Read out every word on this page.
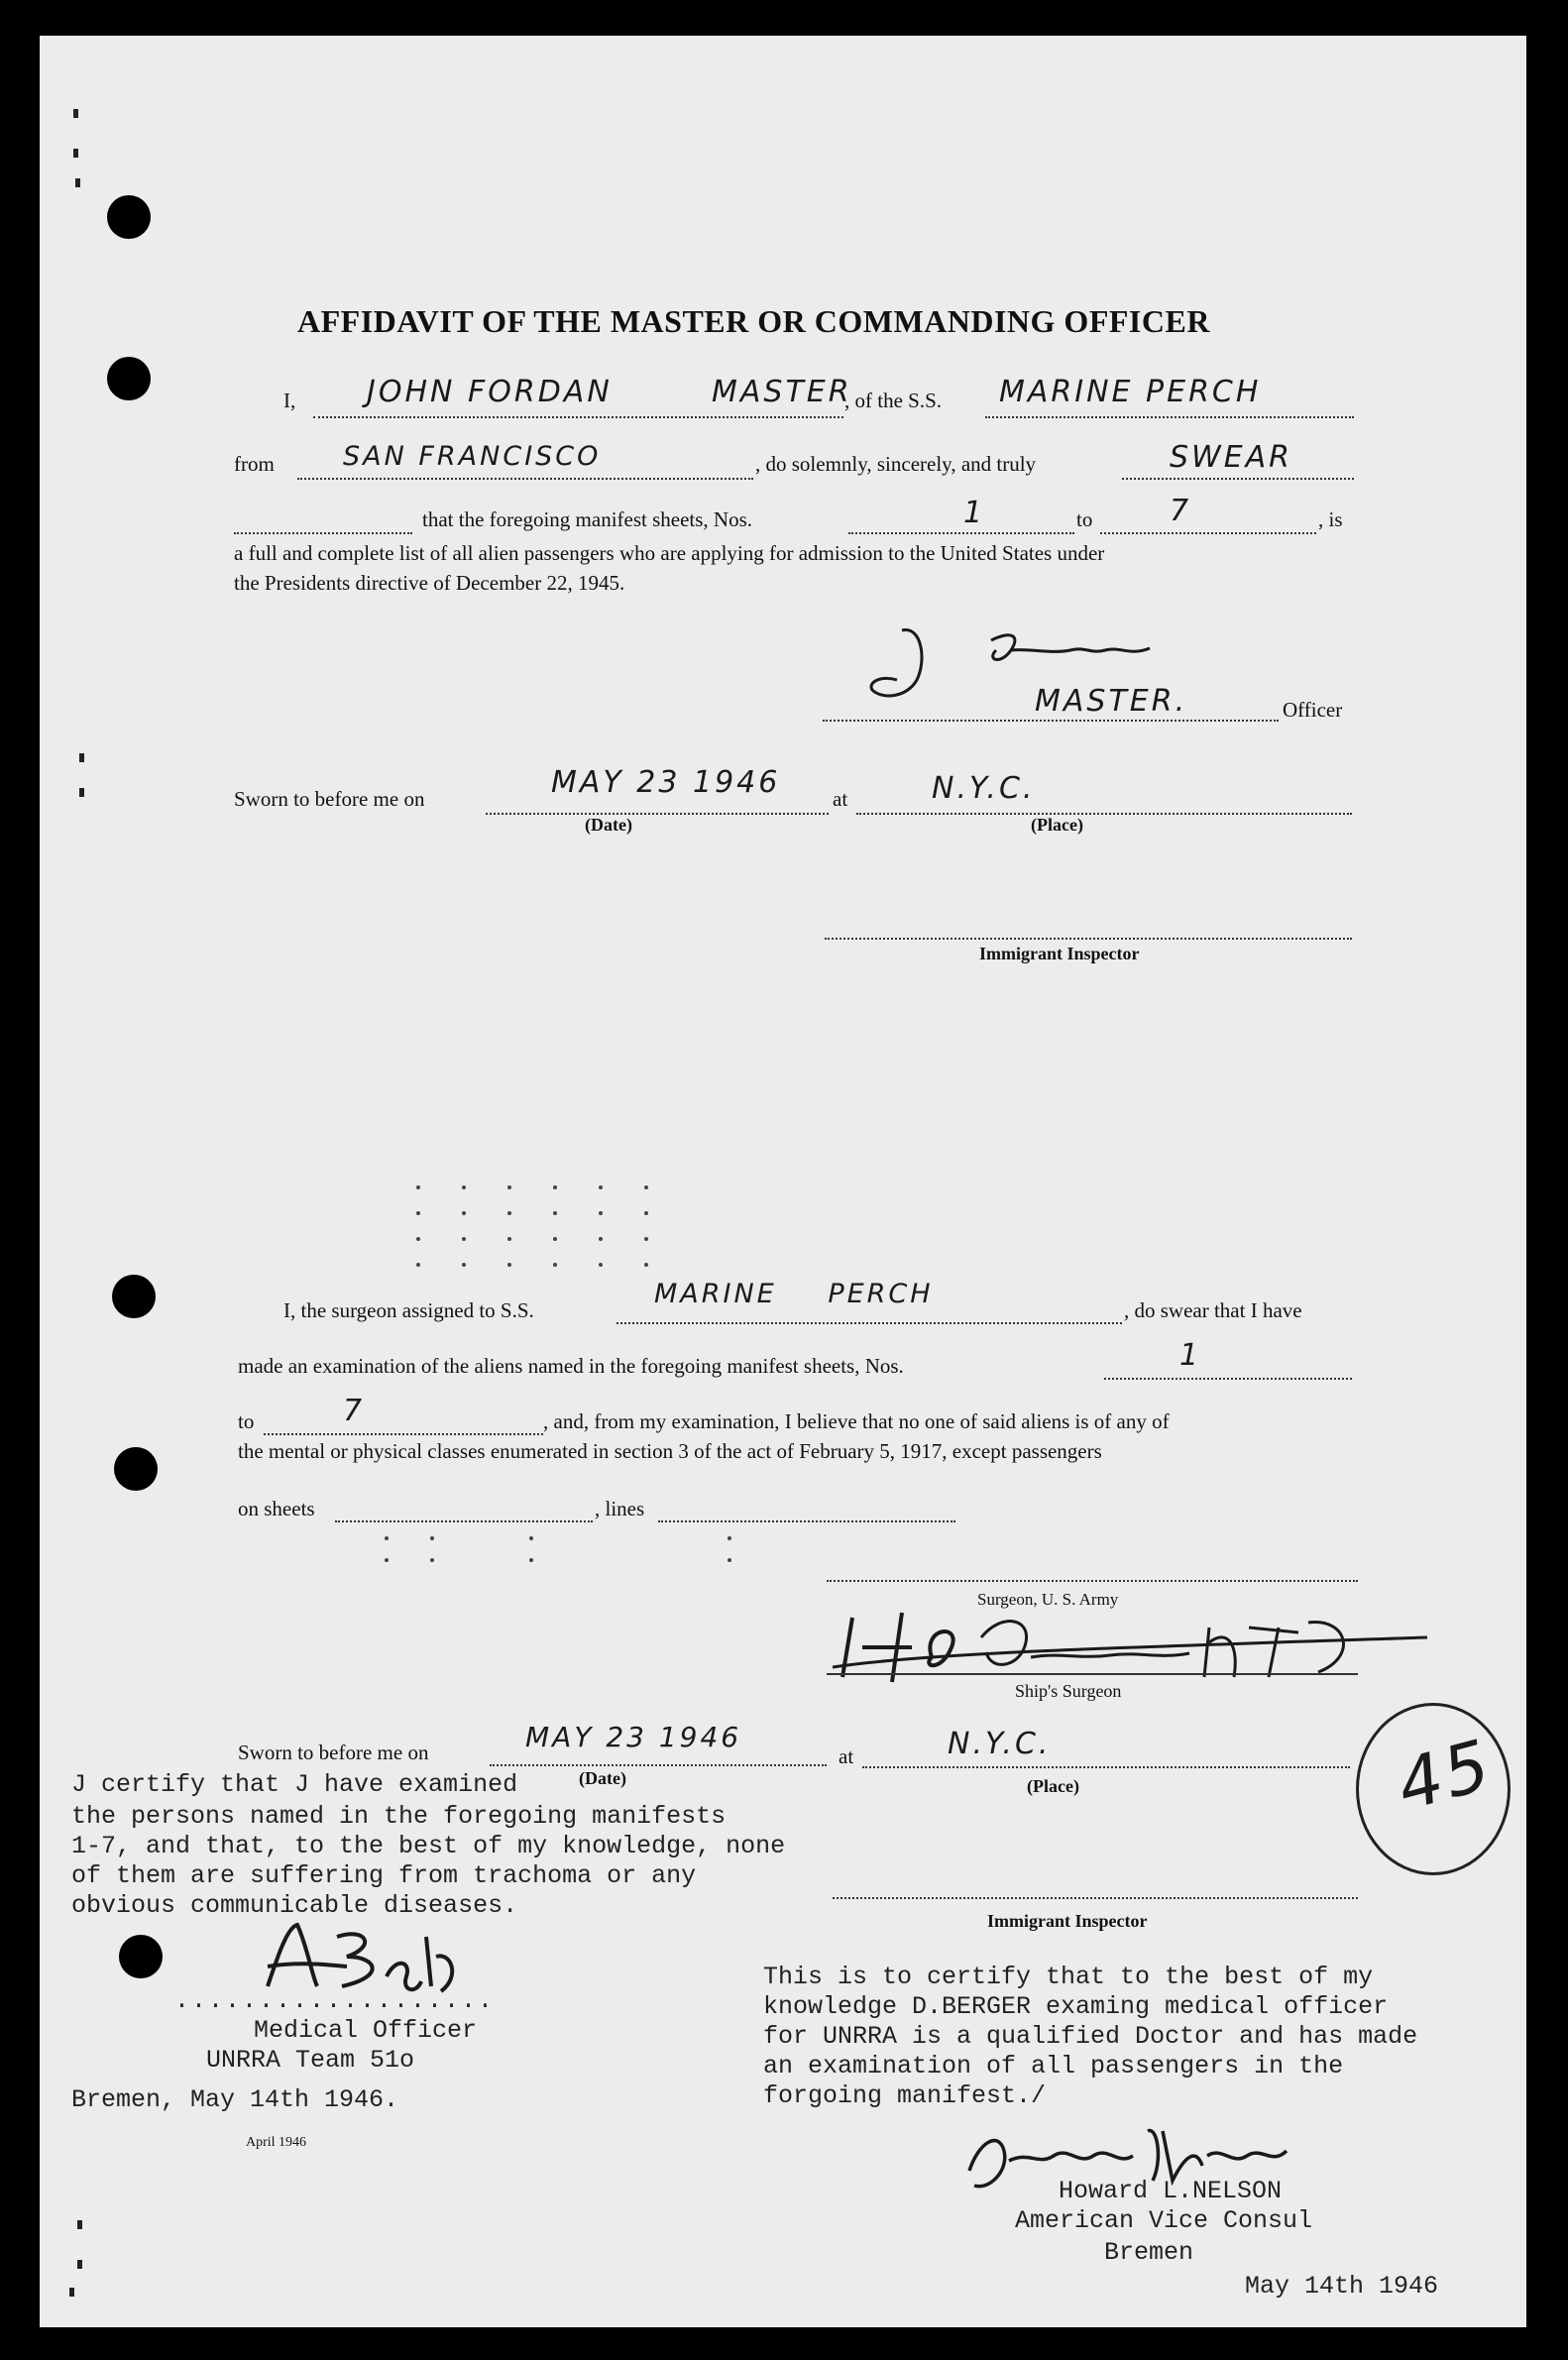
AFFIDAVIT OF THE MASTER OR COMMANDING OFFICER
I, JOHN FORDAN	MASTER
, of the S.S. MARINE PERCH
from	SAN FRANCISCO	, do solemnly, sincerely, and truly	SWEAR
that the foregoing manifest sheets, Nos.	1	to	7	, is
a full and complete list of all alien passengers who are applying for admission to the United States under
the Presidents directive of December 22, 1945.
MASTER.	Officer
Sworn to before me on	MAY 23 1946
(Date)
at	N.Y.C.
(Place)
Immigrant Inspector
I, the surgeon assigned to S.S.
MARINE PERCH
, do swear that I have
made an examination of the aliens named in the foregoing manifest sheets, Nos.	1
to	7	, and, from my examination, I believe that no one of said aliens is of any of
the mental or physical classes enumerated in section 3 of the act of February 5, 1917, except passengers
on sheets	, lines
Surgeon, U. S. Army
Ship's Surgeon
45
Sworn to before me on	MAY 23 1946
(Date)
at	N.Y.C.
(Place)
Immigrant Inspector
J certify that J have examined
the persons named in the foregoing manifests
1-7, and that, to the best of my knowledge, none
of them are suffering from trachoma or any
obvious communicable diseases.
...................
Medical Officer
UNRRA Team 51o
Bremen, May 14th 1946.
April 1946
This is to certify that to the best of my
knowledge D.BERGER examing medical officer
for UNRRA is a qualified Doctor and has made
an examination of all passengers in the
forgoing manifest./
Howard L.NELSON
American Vice Consul
Bremen
May 14th 1946
